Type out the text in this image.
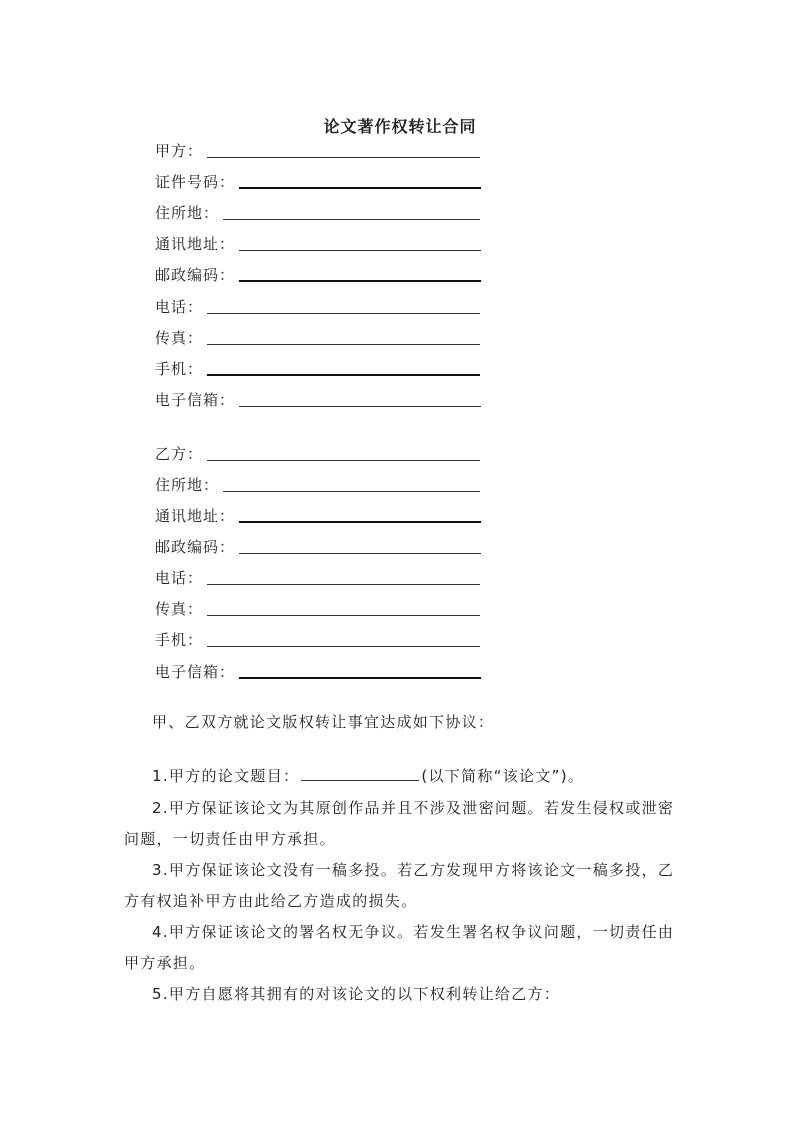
论文著作权转让合同
甲方：
证件号码：
住所地：
通讯地址：
邮政编码：
电话：
传真：
手机：
电子信箱：
乙方：
住所地：
通讯地址：
邮政编码：
电话：
传真：
手机：
电子信箱：
甲、乙双方就论文版权转让事宜达成如下协议：
1.甲方的论文题目：	(以下简称“该论文”)。
2.甲方保证该论文为其原创作品并且不涉及泄密问题。若发生侵权或泄密问题，一切责任由甲方承担。
3.甲方保证该论文没有一稿多投。若乙方发现甲方将该论文一稿多投，乙方有权追补甲方由此给乙方造成的损失。
4.甲方保证该论文的署名权无争议。若发生署名权争议问题，一切责任由甲方承担。
5.甲方自愿将其拥有的对该论文的以下权利转让给乙方：
